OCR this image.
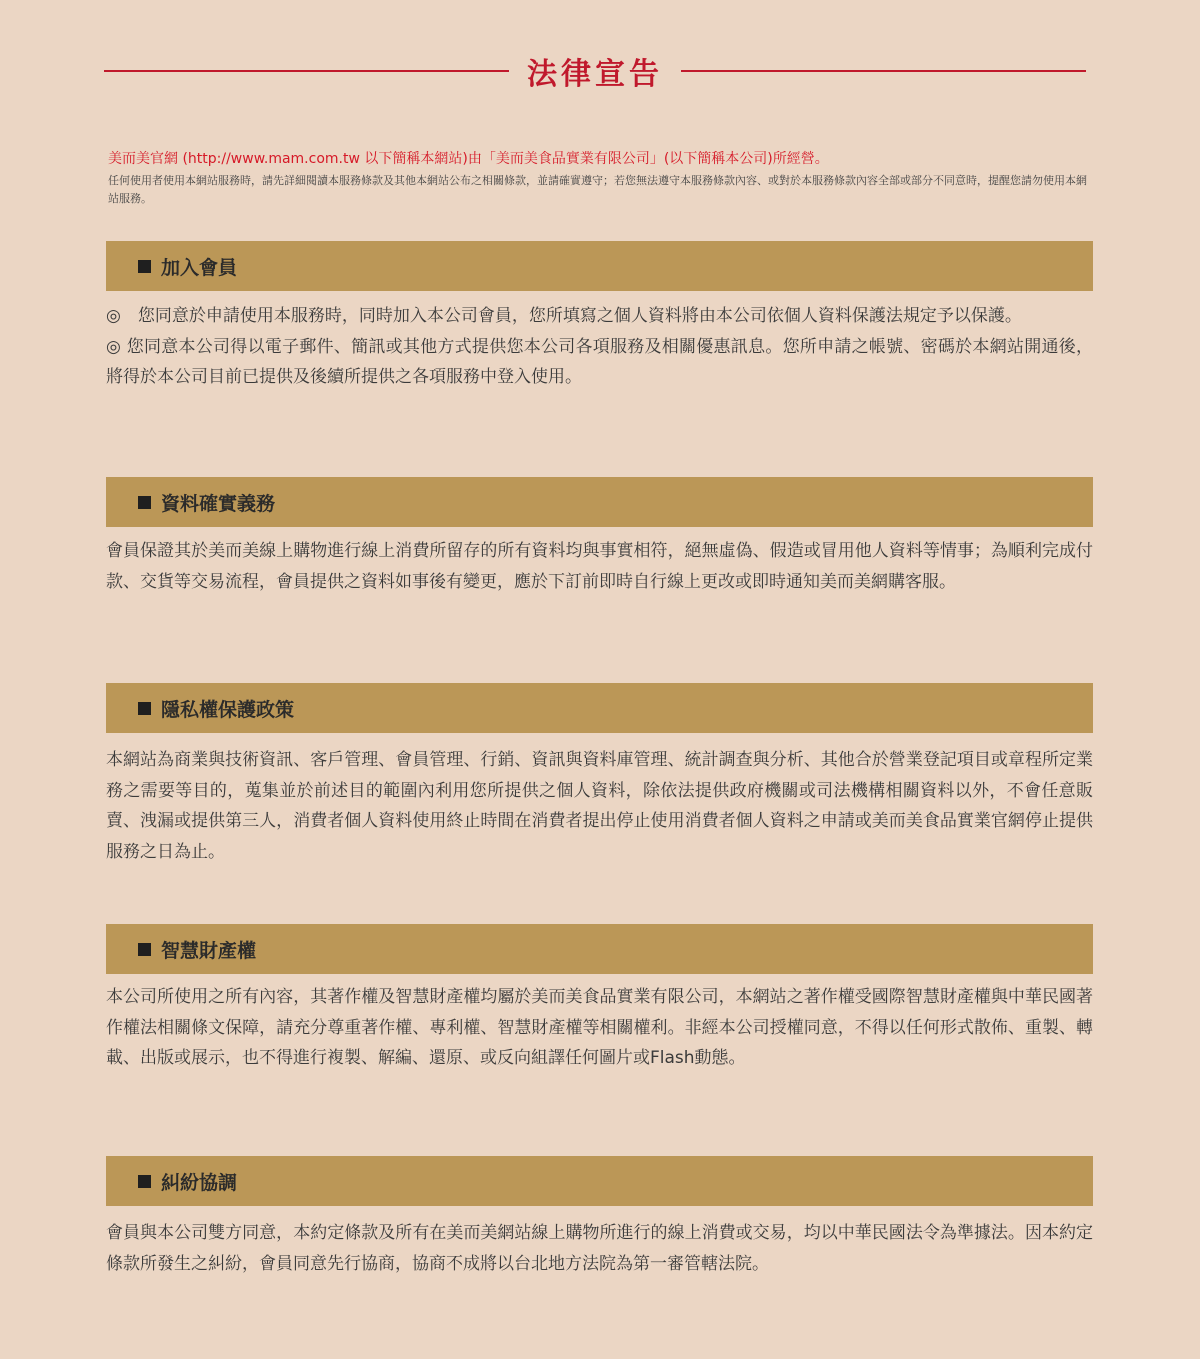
法律宣告
美而美官網 (http://www.mam.com.tw 以下簡稱本網站)由「美而美食品實業有限公司」(以下簡稱本公司)所經營。
任何使用者使用本網站服務時，請先詳細閱讀本服務條款及其他本網站公布之相關條款，並請確實遵守；若您無法遵守本服務條款內容、或對於本服務條款內容全部或部分不同意時，提醒您請勿使用本網站服務。
加入會員

◎　您同意於申請使用本服務時，同時加入本公司會員，您所填寫之個人資料將由本公司依個人資料保護法規定予以保護。

◎ 您同意本公司得以電子郵件、簡訊或其他方式提供您本公司各項服務及相關優惠訊息。您所申請之帳號、密碼於本網站開通後，將得於本公司目前已提供及後續所提供之各項服務中登入使用。

資料確實義務

會員保證其於美而美線上購物進行線上消費所留存的所有資料均與事實相符，絕無虛偽、假造或冒用他人資料等情事；為順利完成付款、交貨等交易流程，會員提供之資料如事後有變更，應於下訂前即時自行線上更改或即時通知美而美網購客服。

隱私權保護政策

本網站為商業與技術資訊、客戶管理、會員管理、行銷、資訊與資料庫管理、統計調查與分析、其他合於營業登記項目或章程所定業務之需要等目的，蒐集並於前述目的範圍內利用您所提供之個人資料，除依法提供政府機關或司法機構相關資料以外，不會任意販賣、洩漏或提供第三人，消費者個人資料使用終止時間在消費者提出停止使用消費者個人資料之申請或美而美食品實業官網停止提供服務之日為止。

智慧財產權

本公司所使用之所有內容，其著作權及智慧財產權均屬於美而美食品實業有限公司，本網站之著作權受國際智慧財產權與中華民國著作權法相關條文保障，請充分尊重著作權、專利權、智慧財產權等相關權利。非經本公司授權同意，不得以任何形式散佈、重製、轉載、出版或展示，也不得進行複製、解編、還原、或反向組譯任何圖片或Flash動態。

糾紛協調

會員與本公司雙方同意，本約定條款及所有在美而美網站線上購物所進行的線上消費或交易，均以中華民國法令為準據法。因本約定條款所發生之糾紛，會員同意先行協商，協商不成將以台北地方法院為第一審管轄法院。
